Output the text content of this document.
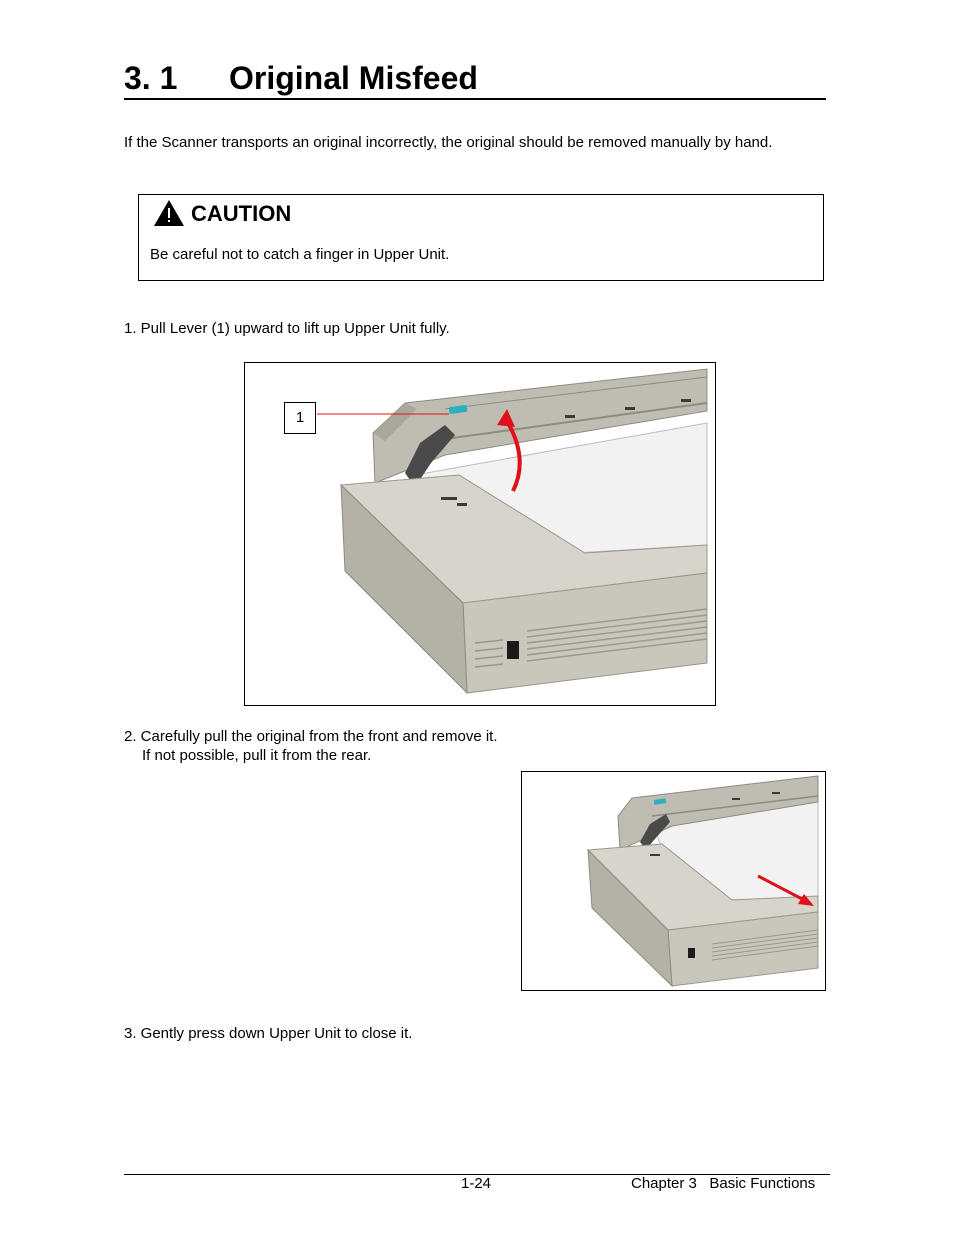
3. 1 Original Misfeed
If the Scanner transports an original incorrectly, the original should be removed manually by hand.
CAUTION
Be careful not to catch a finger in Upper Unit.
1. Pull Lever (1) upward to lift up Upper Unit fully.
1
2. Carefully pull the original from the front and remove it.
If not possible, pull it from the rear.
3. Gently press down Upper Unit to close it.
1-24	Chapter 3   Basic Functions
